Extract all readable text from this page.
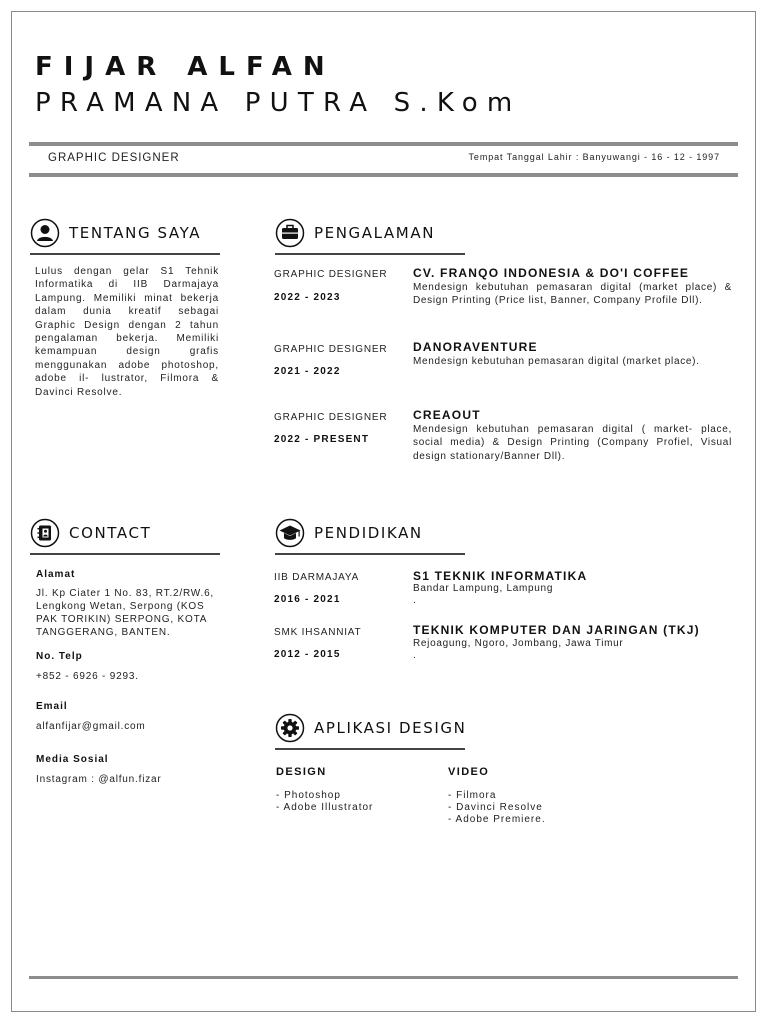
FIJAR ALFAN
PRAMANA PUTRA S.Kom
GRAPHIC DESIGNER	Tempat Tanggal Lahir : Banyuwangi - 16 - 12 - 1997
TENTANG SAYA
Lulus dengan gelar S1 Tehnik Informatika di IIB Darmajaya Lampung. Memiliki minat bekerja dalam dunia kreatif sebagai Graphic Design dengan 2 tahun pengalaman bekerja. Memiliki kemampuan design grafis menggunakan adobe photoshop, adobe il- lustrator, Filmora & Davinci Resolve.
PENGALAMAN
GRAPHIC DESIGNER
2022 - 2023
CV. FRANQO INDONESIA & DO'I COFFEE
Mendesign kebutuhan pemasaran digital (market place) & Design Printing (Price list, Banner, Company Profile Dll).
GRAPHIC DESIGNER
2021 - 2022
DANORAVENTURE
Mendesign kebutuhan pemasaran digital (market place).
GRAPHIC DESIGNER
2022 - PRESENT
CREAOUT
Mendesign kebutuhan pemasaran digital ( market- place, social media) & Design Printing (Company Profiel, Visual design stationary/Banner Dll).
CONTACT
Alamat
Jl. Kp Ciater 1 No. 83, RT.2/RW.6, Lengkong Wetan, Serpong (KOS PAK TORIKIN) SERPONG, KOTA TANGGERANG, BANTEN.
No. Telp
+852 - 6926 - 9293.
Email
alfanfijar@gmail.com
Media Sosial
Instagram : @alfun.fizar
PENDIDIKAN
IIB DARMAJAYA
2016 - 2021
S1 TEKNIK INFORMATIKA
Bandar Lampung, Lampung
.
SMK IHSANNIAT
2012 - 2015
TEKNIK KOMPUTER DAN JARINGAN (TKJ)
Rejoagung, Ngoro, Jombang, Jawa Timur
.
APLIKASI DESIGN
DESIGN
- Photoshop
- Adobe Illustrator
VIDEO
- Filmora
- Davinci Resolve
- Adobe Premiere.
